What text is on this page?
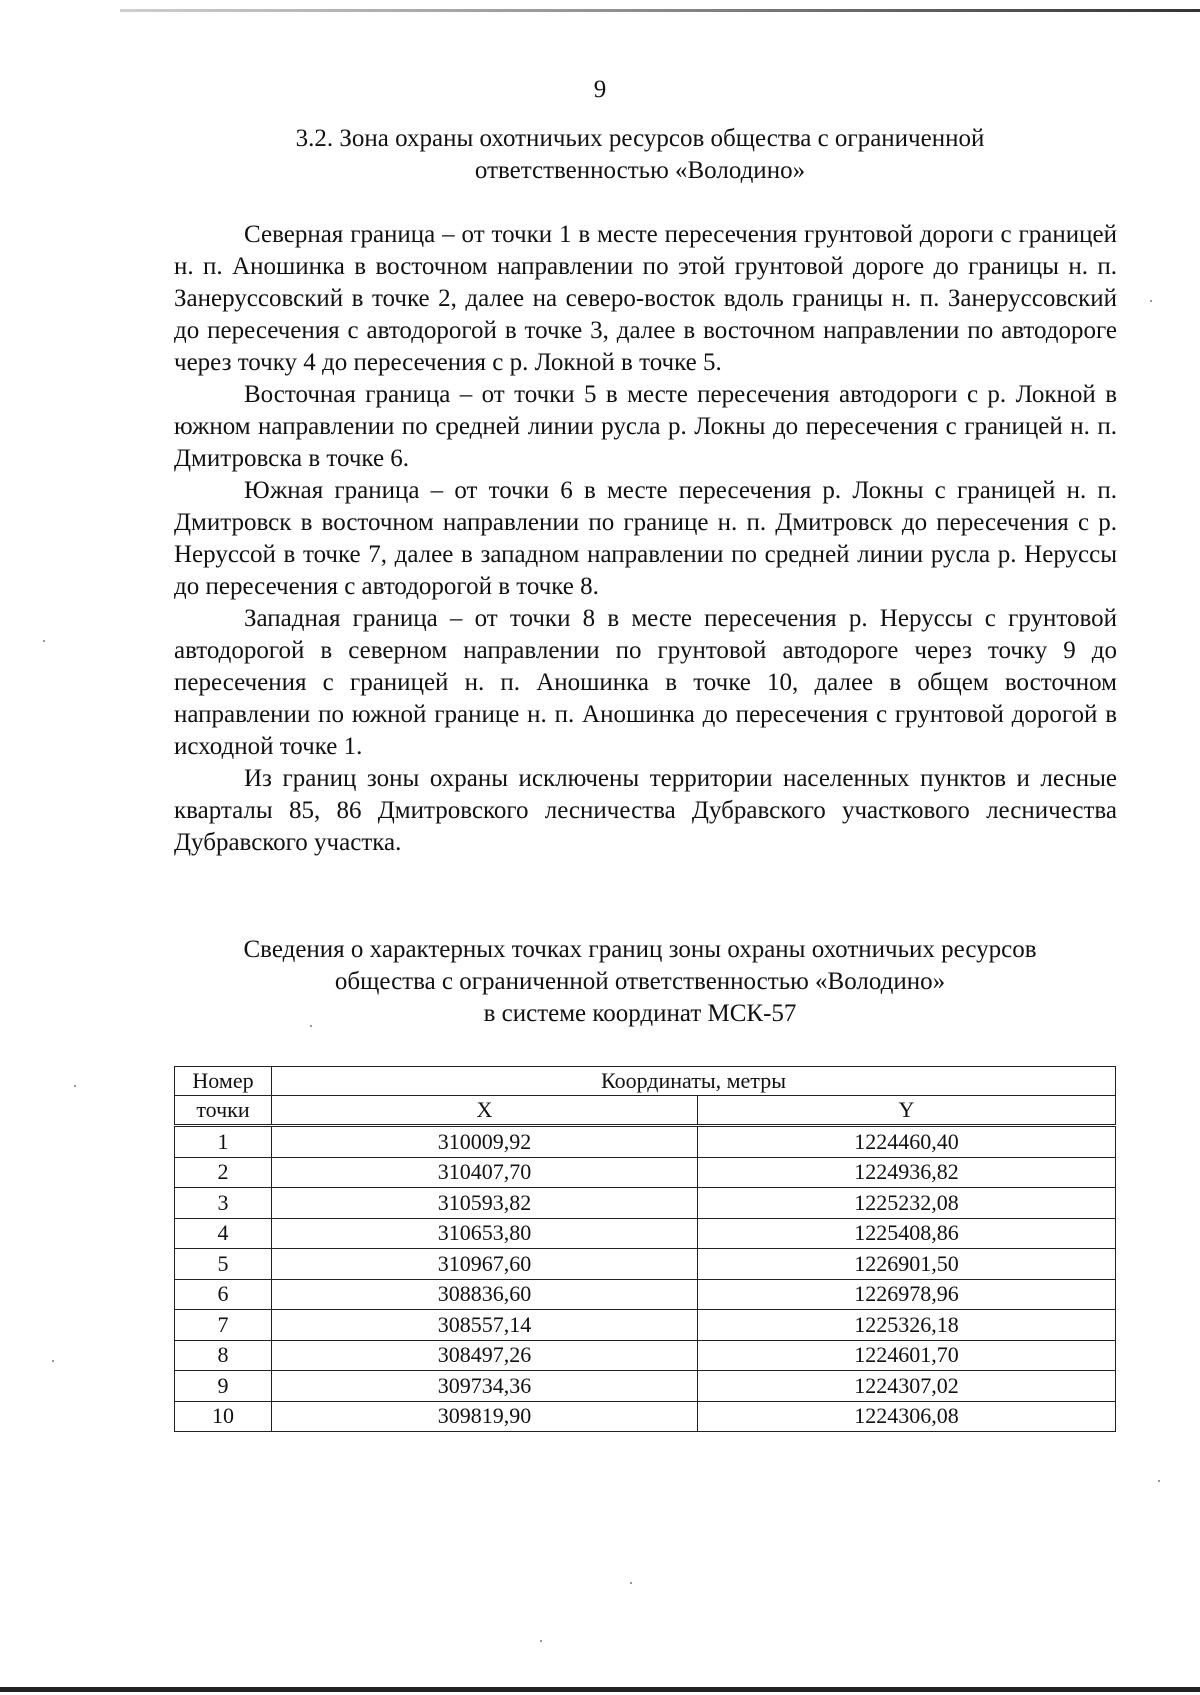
9
3.2. Зона охраны охотничьих ресурсов общества с ограниченной
ответственностью «Володино»

Северная граница – от точки 1 в месте пересечения грунтовой дороги с границей н. п. Аношинка в восточном направлении по этой грунтовой дороге до границы н. п. Занеруссовский в точке 2, далее на северо-восток вдоль границы н. п. Занеруссовский до пересечения с автодорогой в точке 3, далее в восточном направлении по автодороге через точку 4 до пересечения с р. Локной в точке 5.

Восточная граница – от точки 5 в месте пересечения автодороги с р. Локной в южном направлении по средней линии русла р. Локны до пересечения с границей н. п. Дмитровска в точке 6.

Южная граница – от точки 6 в месте пересечения р. Локны с границей н. п. Дмитровск в восточном направлении по границе н. п. Дмитровск до пересечения с р. Неруссой в точке 7, далее в западном направлении по средней линии русла р. Неруссы до пересечения с автодорогой в точке 8.

Западная граница – от точки 8 в месте пересечения р. Неруссы с грунтовой автодорогой в северном направлении по грунтовой автодороге через точку 9 до пересечения с границей н. п. Аношинка в точке 10, далее в общем восточном направлении по южной границе н. п. Аношинка до пересечения с грунтовой дорогой в исходной точке 1.

Из границ зоны охраны исключены территории населенных пунктов и лесные кварталы 85, 86 Дмитровского лесничества Дубравского участкового лесничества Дубравского участка.

Сведения о характерных точках границ зоны охраны охотничьих ресурсов
общества с ограниченной ответственностью «Володино»
в системе координат МСК-57
Номер	Координаты, метры	
точки	X	Y
1	310009,92	1224460,40
2	310407,70	1224936,82
3	310593,82	1225232,08
4	310653,80	1225408,86
5	310967,60	1226901,50
6	308836,60	1226978,96
7	308557,14	1225326,18
8	308497,26	1224601,70
9	309734,36	1224307,02
10	309819,90	1224306,08
